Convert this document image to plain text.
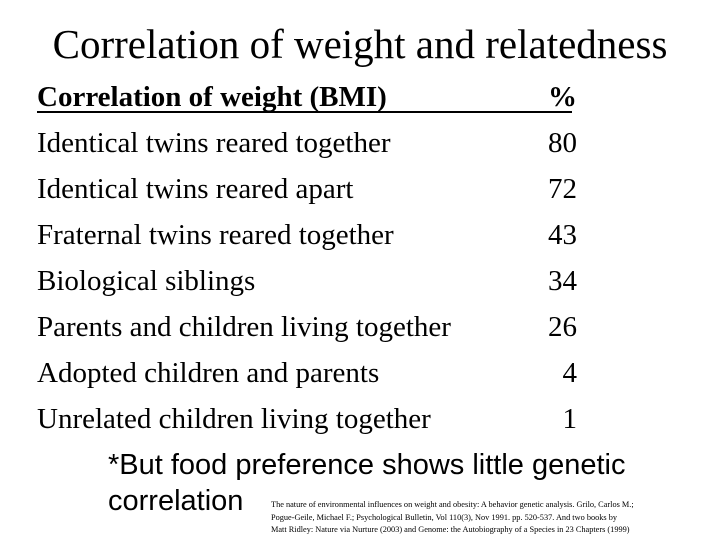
Correlation of weight and relatedness
Correlation of weight (BMI)	%
Identical twins reared together	80
Identical twins reared apart	72
Fraternal twins reared together	43
Biological siblings	34
Parents and children living together	26
Adopted children and parents	4
Unrelated children living together	1
*But food preference shows little genetic
correlation	The nature of environmental influences on weight and obesity: A behavior genetic analysis. Grilo, Carlos M.;
Pogue-Geile, Michael F.; Psychological Bulletin, Vol 110(3), Nov 1991. pp. 520-537. And two books by
Matt Ridley: Nature via Nurture (2003) and Genome: the Autobiography of a Species in 23 Chapters (1999)
